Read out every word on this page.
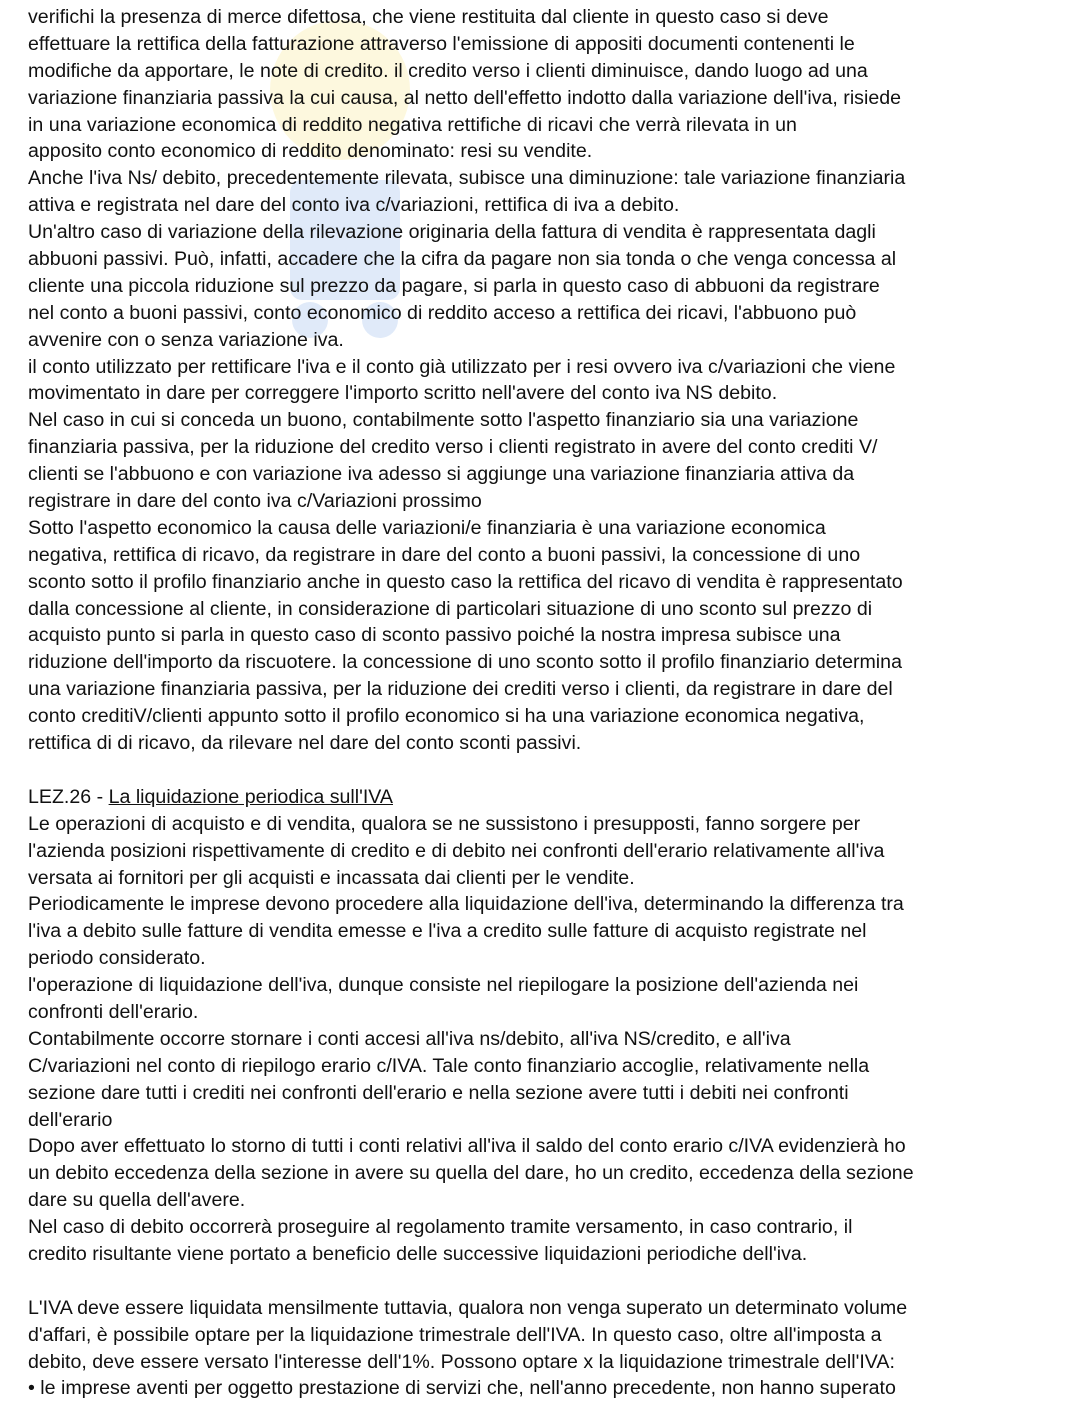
verifichi la presenza di merce difettosa, che viene restituita dal cliente in questo caso si deve
effettuare la rettifica della fatturazione attraverso l'emissione di appositi documenti contenenti le
modifiche da apportare, le note di credito. il credito verso i clienti diminuisce, dando luogo ad una
variazione finanziaria passiva la cui causa, al netto dell'effetto indotto dalla variazione dell'iva, risiede
in una variazione economica di reddito negativa rettifiche di ricavi che verrà rilevata in un
apposito conto economico di reddito denominato: resi su vendite.
Anche l'iva Ns/ debito, precedentemente rilevata, subisce una diminuzione: tale variazione finanziaria
attiva e registrata nel dare del conto iva c/variazioni, rettifica di iva a debito.
Un'altro caso di variazione della rilevazione originaria della fattura di vendita è rappresentata dagli
abbuoni passivi. Può, infatti, accadere che la cifra da pagare non sia tonda o che venga concessa al
cliente una piccola riduzione sul prezzo da pagare, si parla in questo caso di abbuoni da registrare
nel conto a buoni passivi, conto economico di reddito acceso a rettifica dei ricavi, l'abbuono può
avvenire con o senza variazione iva.
il conto utilizzato per rettificare l'iva e il conto già utilizzato per i resi ovvero iva c/variazioni che viene
movimentato in dare per correggere l'importo scritto nell'avere del conto iva NS debito.
Nel caso in cui si conceda un buono, contabilmente sotto l'aspetto finanziario sia una variazione
finanziaria passiva, per la riduzione del credito verso i clienti registrato in avere del conto crediti V/
clienti se l'abbuono e con variazione iva adesso si aggiunge una variazione finanziaria attiva da
registrare in dare del conto iva c/Variazioni prossimo
Sotto l'aspetto economico la causa delle variazioni/e finanziaria è una variazione economica
negativa, rettifica di ricavo, da registrare in dare del conto a buoni passivi, la concessione di uno
sconto sotto il profilo finanziario anche in questo caso la rettifica del ricavo di vendita è rappresentato
dalla concessione al cliente, in considerazione di particolari situazione di uno sconto sul prezzo di
acquisto punto si parla in questo caso di sconto passivo poiché la nostra impresa subisce una
riduzione dell'importo da riscuotere. la concessione di uno sconto sotto il profilo finanziario determina
una variazione finanziaria passiva, per la riduzione dei crediti verso i clienti, da registrare in dare del
conto creditiV/clienti appunto sotto il profilo economico si ha una variazione economica negativa,
rettifica di di ricavo, da rilevare nel dare del conto sconti passivi.
LEZ.26 - La liquidazione periodica sull'IVA
Le operazioni di acquisto e di vendita, qualora se ne sussistono i presupposti, fanno sorgere per
l'azienda posizioni rispettivamente di credito e di debito nei confronti dell'erario relativamente all'iva
versata ai fornitori per gli acquisti e incassata dai clienti per le vendite.
Periodicamente le imprese devono procedere alla liquidazione dell'iva, determinando la differenza tra
l'iva a debito sulle fatture di vendita emesse e l'iva a credito sulle fatture di acquisto registrate nel
periodo considerato.
l'operazione di liquidazione dell'iva, dunque consiste nel riepilogare la posizione dell'azienda nei
confronti dell'erario.
Contabilmente occorre stornare i conti accesi all'iva ns/debito, all'iva NS/credito, e all'iva
C/variazioni nel conto di riepilogo erario c/IVA. Tale conto finanziario accoglie, relativamente nella
sezione dare tutti i crediti nei confronti dell'erario e nella sezione avere tutti i debiti nei confronti
dell'erario
Dopo aver effettuato lo storno di tutti i conti relativi all'iva il saldo del conto erario c/IVA evidenzierà ho
un debito eccedenza della sezione in avere su quella del dare, ho un credito, eccedenza della sezione
dare su quella dell'avere.
Nel caso di debito occorrerà proseguire al regolamento tramite versamento, in caso contrario, il
credito risultante viene portato a beneficio delle successive liquidazioni periodiche dell'iva.
L'IVA deve essere liquidata mensilmente tuttavia, qualora non venga superato un determinato volume
d'affari, è possibile optare per la liquidazione trimestrale dell'IVA. In questo caso, oltre all'imposta a
debito, deve essere versato l'interesse dell'1%. Possono optare x la liquidazione trimestrale dell'IVA:
• le imprese aventi per oggetto prestazione di servizi che, nell'anno precedente, non hanno superato
